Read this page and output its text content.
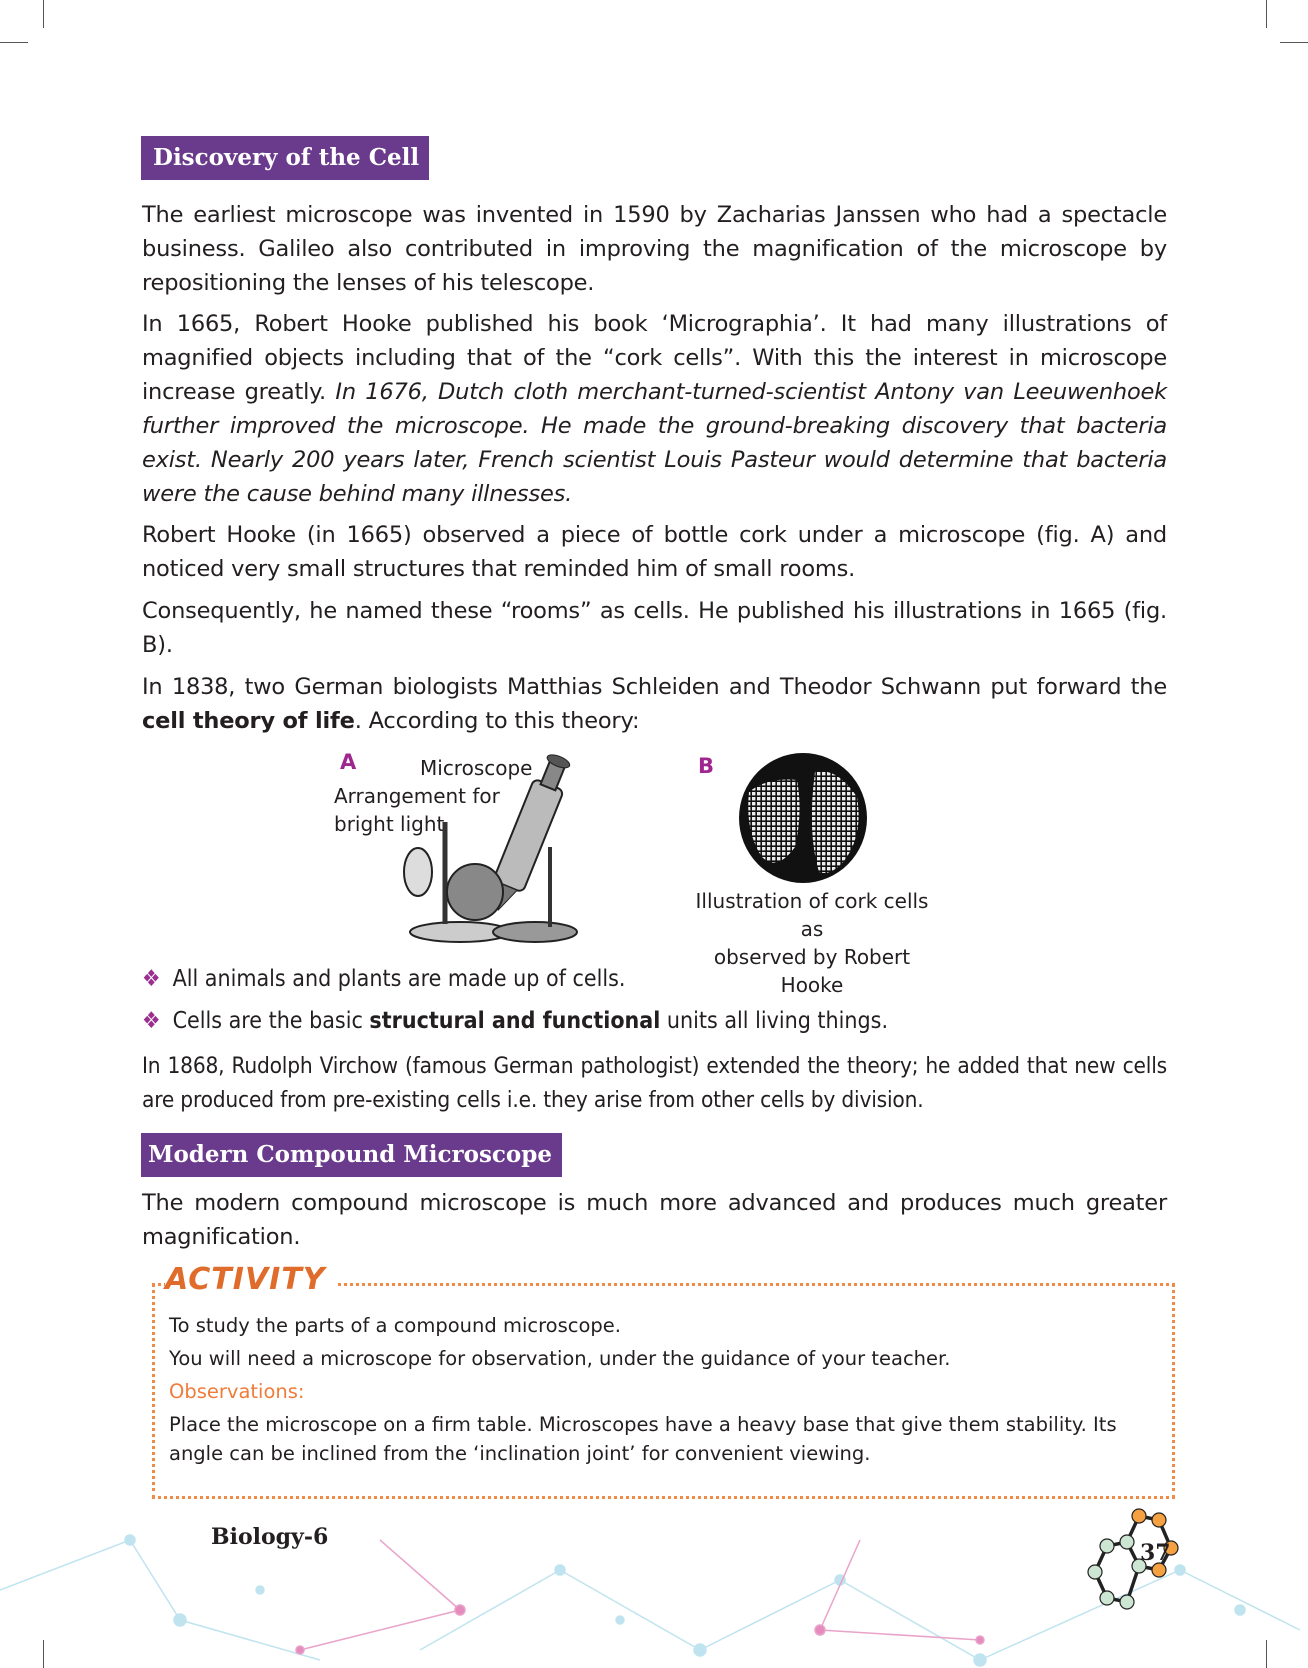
Discovery of the Cell
The earliest microscope was invented in 1590 by Zacharias Janssen who had a spectacle business. Galileo also contributed in improving the magnification of the microscope by repositioning the lenses of his telescope.
In 1665, Robert Hooke published his book ‘Micrographia’. It had many illustrations of magnified objects including that of the “cork cells”. With this the interest in microscope increase greatly. In 1676, Dutch cloth merchant-turned-scientist Antony van Leeuwenhoek further improved the microscope. He made the ground-breaking discovery that bacteria exist. Nearly 200 years later, French scientist Louis Pasteur would determine that bacteria were the cause behind many illnesses.
Robert Hooke (in 1665) observed a piece of bottle cork under a microscope (fig. A) and noticed very small structures that reminded him of small rooms.
Consequently, he named these “rooms” as cells. He published his illustrations in 1665 (fig. B).
In 1838, two German biologists Matthias Schleiden and Theodor Schwann put forward the cell theory of life. According to this theory:
A	Microscope
Arrangement for
bright light
B
Illustration of cork cells as
observed by Robert Hooke
❖ All animals and plants are made up of cells.
❖ Cells are the basic structural and functional units all living things.
In 1868, Rudolph Virchow (famous German pathologist) extended the theory; he added that new cells are produced from pre-existing cells i.e. they arise from other cells by division.
Modern Compound Microscope
The modern compound microscope is much more advanced and produces much greater magnification.
ACTIVITY
To study the parts of a compound microscope.
You will need a microscope for observation, under the guidance of your teacher.
Observations:
Place the microscope on a firm table. Microscopes have a heavy base that give them stability. Its angle can be inclined from the ‘inclination joint’ for convenient viewing.
Biology-6
37
